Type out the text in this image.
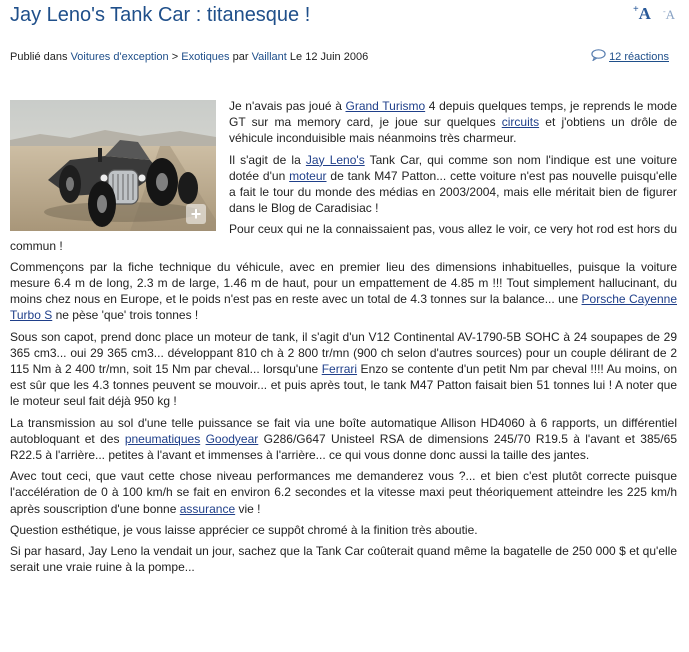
Jay Leno's Tank Car : titanesque !	+A -A
Publié dans Voitures d'exception > Exotiques par Vaillant Le 12 Juin 2006	12 réactions
+

Je n'avais pas joué à Grand Turismo 4 depuis quelques temps, je reprends le mode GT sur ma memory card, je joue sur quelques circuits et j'obtiens un drôle de véhicule inconduisible mais néanmoins très charmeur.

Il s'agit de la Jay Leno's Tank Car, qui comme son nom l'indique est une voiture dotée d'un moteur de tank M47 Patton... cette voiture n'est pas nouvelle puisqu'elle a fait le tour du monde des médias en 2003/2004, mais elle méritait bien de figurer dans le Blog de Caradisiac !

Pour ceux qui ne la connaissaient pas, vous allez le voir, ce very hot rod est hors du commun !

Commençons par la fiche technique du véhicule, avec en premier lieu des dimensions inhabituelles, puisque la voiture mesure 6.4 m de long, 2.3 m de large, 1.46 m de haut, pour un empattement de 4.85 m !!! Tout simplement hallucinant, du moins chez nous en Europe, et le poids n'est pas en reste avec un total de 4.3 tonnes sur la balance... une Porsche Cayenne Turbo S ne pèse 'que' trois tonnes !

Sous son capot, prend donc place un moteur de tank, il s'agit d'un V12 Continental AV-1790-5B SOHC à 24 soupapes de 29 365 cm3... oui 29 365 cm3... développant 810 ch à 2 800 tr/mn (900 ch selon d'autres sources) pour un couple délirant de 2 115 Nm à 2 400 tr/mn, soit 15 Nm par cheval... lorsqu'une Ferrari Enzo se contente d'un petit Nm par cheval !!!! Au moins, on est sûr que les 4.3 tonnes peuvent se mouvoir... et puis après tout, le tank M47 Patton faisait bien 51 tonnes lui ! A noter que le moteur seul fait déjà 950 kg !

La transmission au sol d'une telle puissance se fait via une boîte automatique Allison HD4060 à 6 rapports, un différentiel autobloquant et des pneumatiques Goodyear G286/G647 Unisteel RSA de dimensions 245/70 R19.5 à l'avant et 385/65 R22.5 à l'arrière... petites à l'avant et immenses à l'arrière... ce qui vous donne donc aussi la taille des jantes.

Avec tout ceci, que vaut cette chose niveau performances me demanderez vous ?... et bien c'est plutôt correcte puisque l'accélération de 0 à 100 km/h se fait en environ 6.2 secondes et la vitesse maxi peut théoriquement atteindre les 225 km/h après souscription d'une bonne assurance vie !

Question esthétique, je vous laisse apprécier ce suppôt chromé à la finition très aboutie.

Si par hasard, Jay Leno la vendait un jour, sachez que la Tank Car coûterait quand même la bagatelle de 250 000 $ et qu'elle serait une vraie ruine à la pompe...
